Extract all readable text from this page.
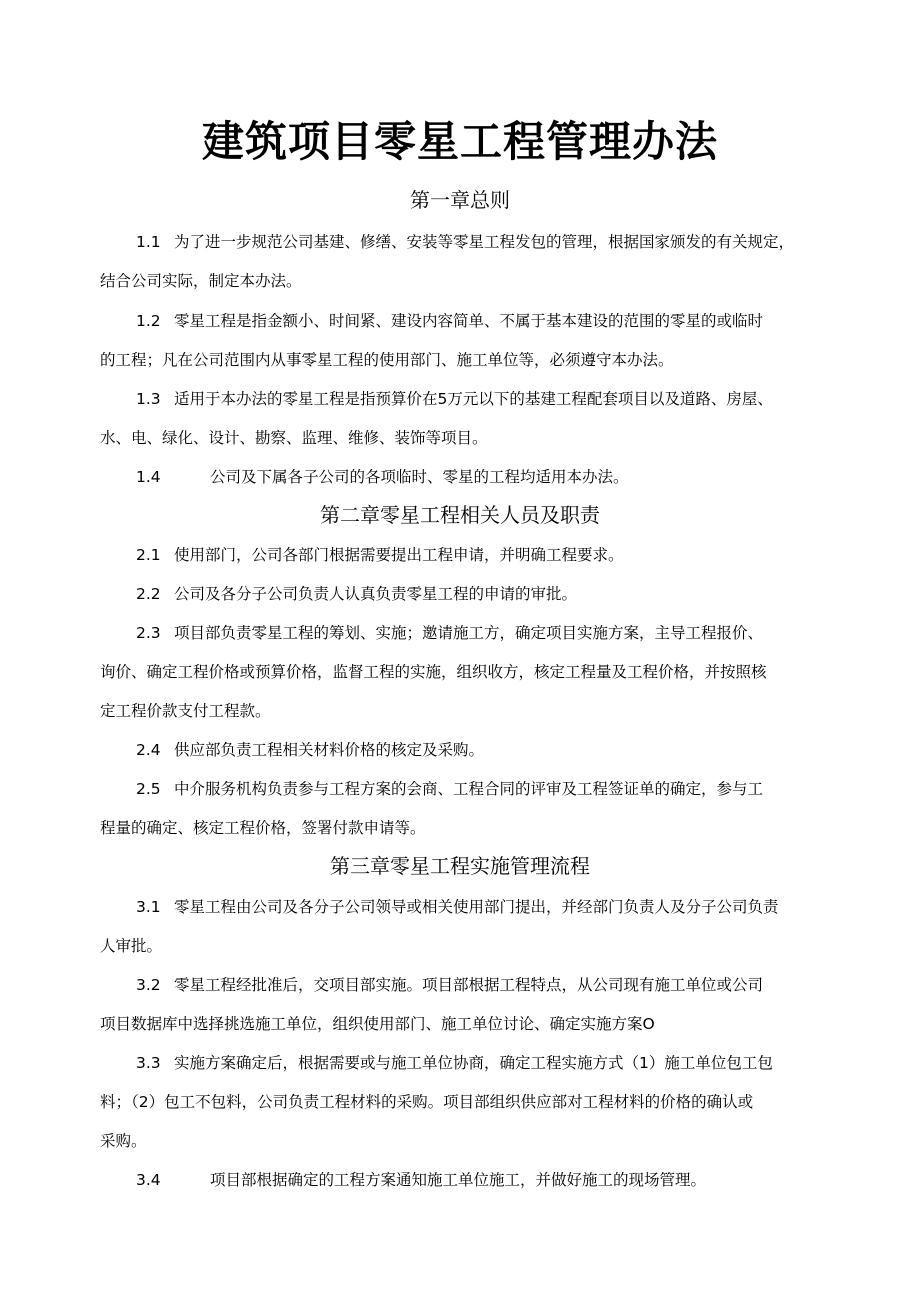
建筑项目零星工程管理办法
第一章总则
1.1 为了进一步规范公司基建、修缮、安装等零星工程发包的管理，根据国家颁发的有关规定，
结合公司实际，制定本办法。
1.2 零星工程是指金额小、时间紧、建设内容简单、不属于基本建设的范围的零星的或临时
的工程；凡在公司范围内从事零星工程的使用部门、施工单位等，必须遵守本办法。
1.3 适用于本办法的零星工程是指预算价在5万元以下的基建工程配套项目以及道路、房屋、
水、电、绿化、设计、勘察、监理、维修、装饰等项目。
1.4	公司及下属各子公司的各项临时、零星的工程均适用本办法。
第二章零星工程相关人员及职责
2.1 使用部门，公司各部门根据需要提出工程申请，并明确工程要求。
2.2 公司及各分子公司负责人认真负责零星工程的申请的审批。
2.3 项目部负责零星工程的筹划、实施；邀请施工方，确定项目实施方案，主导工程报价、
询价、确定工程价格或预算价格，监督工程的实施，组织收方，核定工程量及工程价格，并按照核
定工程价款支付工程款。
2.4 供应部负责工程相关材料价格的核定及采购。
2.5 中介服务机构负责参与工程方案的会商、工程合同的评审及工程签证单的确定，参与工
程量的确定、核定工程价格，签署付款申请等。
第三章零星工程实施管理流程
3.1 零星工程由公司及各分子公司领导或相关使用部门提出，并经部门负责人及分子公司负责
人审批。
3.2 零星工程经批准后，交项目部实施。项目部根据工程特点，从公司现有施工单位或公司
项目数据库中选择挑选施工单位，组织使用部门、施工单位讨论、确定实施方案O
3.3 实施方案确定后，根据需要或与施工单位协商，确定工程实施方式（1）施工单位包工包
料；（2）包工不包料，公司负责工程材料的采购。项目部组织供应部对工程材料的价格的确认或
采购。
3.4	项目部根据确定的工程方案通知施工单位施工，并做好施工的现场管理。
